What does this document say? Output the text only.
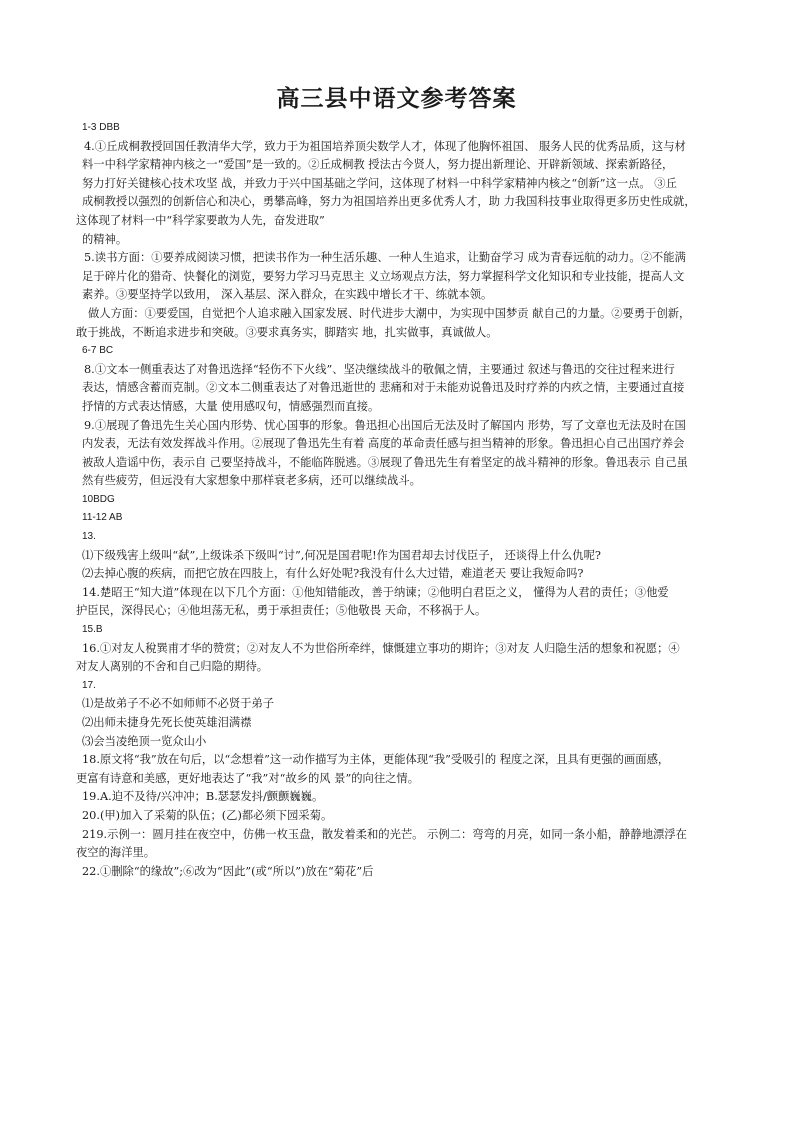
高三县中语文参考答案
1-3 DBB
4.①丘成桐教授回国任教清华大学，致力于为祖国培养顶尖数学人才，体现了他胸怀祖国、 服务人民的优秀品质，这与材
料一中科学家精神内核之一“爱国”是一致的。②丘成桐教 授法古今贤人，努力提出新理论、开辟新领域、探索新路径，
努力打好关键核心技术攻坚 战，并致力于兴中国基础之学问，这体现了材料一中科学家精神内核之“创新”这一点。 ③丘
成桐教授以强烈的创新信心和决心，勇攀高峰，努力为祖国培养出更多优秀人才，助 力我国科技事业取得更多历史性成就，
这体现了材料一中“科学家要敢为人先，奋发进取”
的精神。
5.读书方面：①要养成阅读习惯，把读书作为一种生活乐趣、一种人生追求，让勤奋学习 成为青春远航的动力。②不能满
足于碎片化的猎奇、快餐化的浏览，要努力学习马克思主 义立场观点方法，努力掌握科学文化知识和专业技能，提高人文
素养。③要坚持学以致用， 深入基层、深入群众，在实践中增长才干、练就本领。
做人方面：①要爱国，自觉把个人追求融入国家发展、时代进步大潮中，为实现中国梦贡 献自己的力量。②要勇于创新，
敢于挑战，不断追求进步和突破。③要求真务实，脚踏实 地，扎实做事，真诚做人。
6-7 BC
8.①文本一侧重表达了对鲁迅选择“轻伤不下火线”、坚决继续战斗的敬佩之情，主要通过 叙述与鲁迅的交往过程来进行
表达，情感含蓄而克制。②文本二侧重表达了对鲁迅逝世的 悲痛和对于未能劝说鲁迅及时疗养的内疚之情，主要通过直接
抒情的方式表达情感，大量 使用感叹句，情感强烈而直接。
9.①展现了鲁迅先生关心国内形势、忧心国事的形象。鲁迅担心出国后无法及时了解国内 形势，写了文章也无法及时在国
内发表，无法有效发挥战斗作用。②展现了鲁迅先生有着 高度的革命责任感与担当精神的形象。鲁迅担心自己出国疗养会
被敌人造谣中伤，表示自 己要坚持战斗，不能临阵脱逃。③展现了鲁迅先生有着坚定的战斗精神的形象。鲁迅表示 自己虽
然有些疲劳，但远没有大家想象中那样衰老多病，还可以继续战斗。
10BDG
11-12 AB
13.
⑴下级残害上级叫“弑”,上级诛杀下级叫“讨”,何况是国君呢!作为国君却去讨伐臣子， 还谈得上什么仇呢?
⑵去掉心腹的疾病，而把它放在四肢上，有什么好处呢?我没有什么大过错，难道老天 要让我短命吗?
14.楚昭王“知大道”体现在以下几个方面：①他知错能改，善于纳谏；②他明白君臣之义， 懂得为人君的责任；③他爱
护臣民，深得民心；④他坦荡无私，勇于承担责任；⑤他敬畏 天命，不移祸于人。
15.B
16.①对友人稅巽甫才华的赞赏；②对友人不为世俗所牵绊，慷慨建立事功的期许；③对友 人归隐生活的想象和祝愿；④
对友人离别的不舍和自己归隐的期待。
17.
⑴是故弟子不必不如师师不必贤于弟子
⑵出师未捷身先死长使英雄泪满襟
⑶会当凌绝顶一览众山小
18.原文将“我”放在句后，以“念想着”这一动作描写为主体，更能体现“我”受吸引的 程度之深，且具有更强的画面感，
更富有诗意和美感，更好地表达了“我”对“故乡的风 景”的向往之情。
19.A.迫不及待/兴冲冲；B.瑟瑟发抖/颤颤巍巍。
20.(甲)加入了采菊的队伍；(乙)都必须下园采菊。
219.示例一：圆月挂在夜空中，仿佛一枚玉盘，散发着柔和的光芒。 示例二：弯弯的月亮，如同一条小船，静静地漂浮在
夜空的海洋里。
22.①删除“的缘故”;⑥改为“因此”(或“所以”)放在“菊花”后
